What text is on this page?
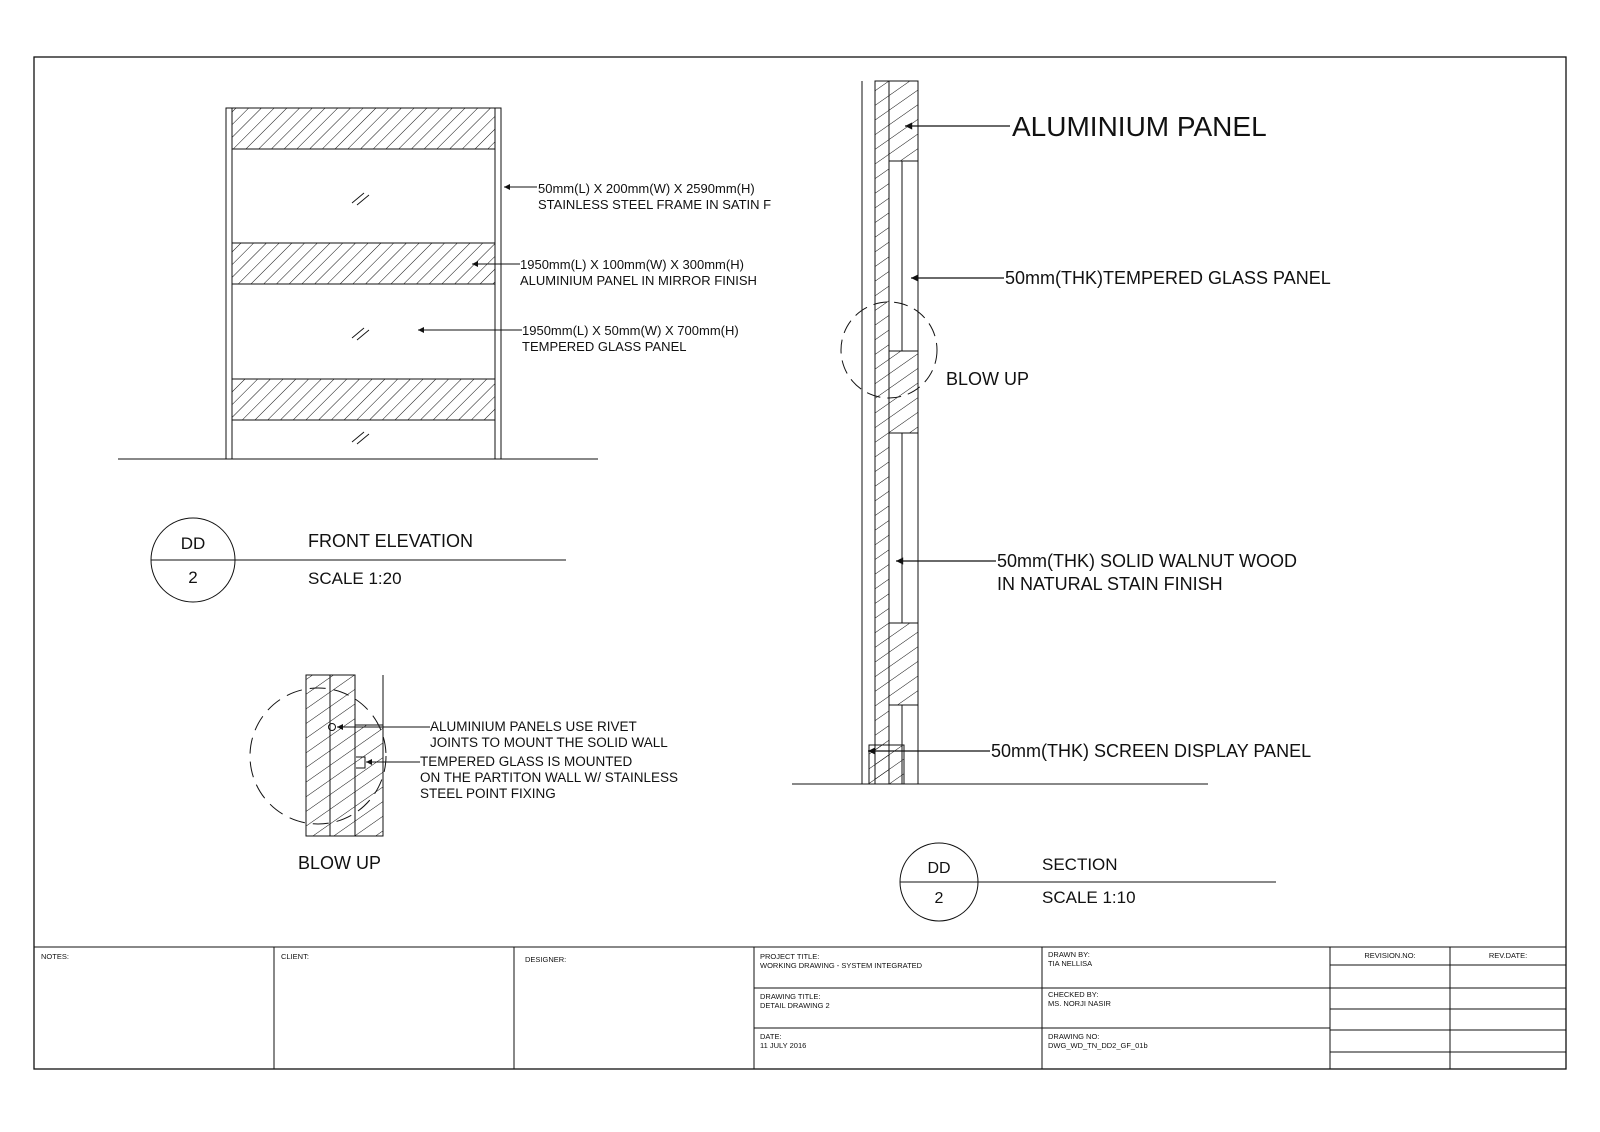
50mm(L) X 200mm(W) X 2590mm(H)
STAINLESS STEEL FRAME IN SATIN F
1950mm(L) X 100mm(W) X 300mm(H)
ALUMINIUM PANEL IN MIRROR FINISH
1950mm(L) X 50mm(W) X 700mm(H)
TEMPERED GLASS PANEL
DD
2
FRONT ELEVATION
SCALE 1:20
ALUMINIUM PANELS USE RIVET
JOINTS TO MOUNT THE SOLID WALL
TEMPERED GLASS IS MOUNTED
ON THE PARTITON WALL W/ STAINLESS
STEEL POINT FIXING
BLOW UP
ALUMINIUM PANEL
50mm(THK)TEMPERED GLASS PANEL
BLOW UP
50mm(THK) SOLID WALNUT WOOD
IN NATURAL STAIN FINISH
50mm(THK) SCREEN DISPLAY PANEL
DD
2
SECTION
SCALE 1:10
NOTES:	CLIENT:	DESIGNER:	PROJECT TITLE:
WORKING DRAWING - SYSTEM INTEGRATED
DRAWING TITLE:
DETAIL DRAWING 2
DATE:
11 JULY 2016
DRAWN BY:
TIA NELLISA
CHECKED BY:
MS. NORJI NASIR
DRAWING NO:
DWG_WD_TN_DD2_GF_01b
REVISION.NO:	REV.DATE:
